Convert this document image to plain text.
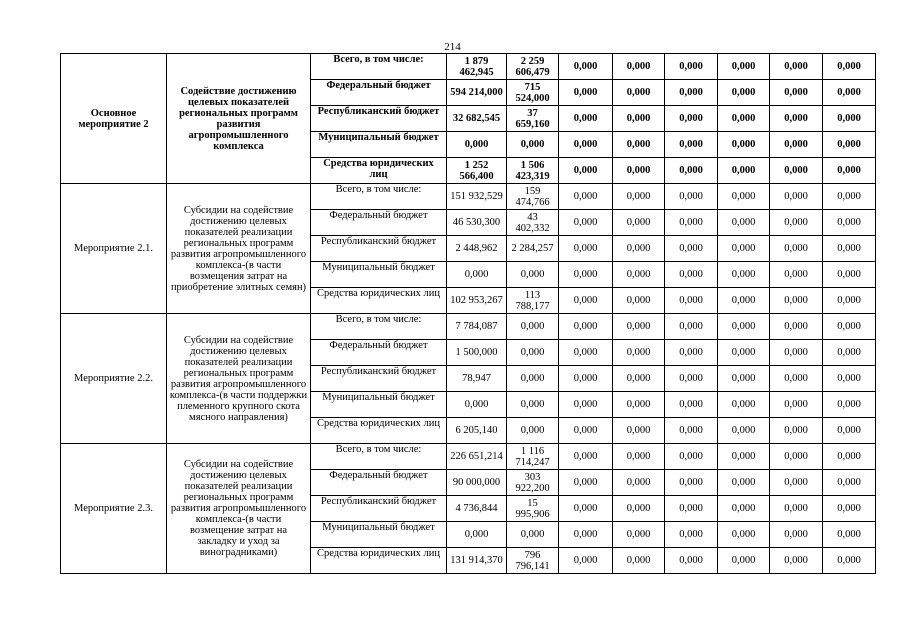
214
Основное мероприятие 2	Содействие достижению целевых показателей региональных программ развития агропромышленного комплекса	Всего, в том числе:	1 879 462,945	2 259 606,479	0,000	0,000	0,000	0,000	0,000	0,000
		Федеральный бюджет	594 214,000	715 524,000	0,000	0,000	0,000	0,000	0,000	0,000
		Республиканский бюджет	32 682,545	37 659,160	0,000	0,000	0,000	0,000	0,000	0,000
		Муниципальный бюджет	0,000	0,000	0,000	0,000	0,000	0,000	0,000	0,000
		Средства юридических лиц	1 252 566,400	1 506 423,319	0,000	0,000	0,000	0,000	0,000	0,000
Мероприятие 2.1.	Субсидии на содействие достижению целевых показателей реализации региональных программ развития агропромышленного комплекса-(в части возмещения затрат на приобретение элитных семян)	Всего, в том числе:	151 932,529	159 474,766	0,000	0,000	0,000	0,000	0,000	0,000
		Федеральный бюджет	46 530,300	43 402,332	0,000	0,000	0,000	0,000	0,000	0,000
		Республиканский бюджет	2 448,962	2 284,257	0,000	0,000	0,000	0,000	0,000	0,000
		Муниципальный бюджет	0,000	0,000	0,000	0,000	0,000	0,000	0,000	0,000
		Средства юридических лиц	102 953,267	113 788,177	0,000	0,000	0,000	0,000	0,000	0,000
Мероприятие 2.2.	Субсидии на содействие достижению целевых показателей реализации региональных программ развития агропромышленного комплекса-(в части поддержки племенного крупного скота мясного направления)	Всего, в том числе:	7 784,087	0,000	0,000	0,000	0,000	0,000	0,000	0,000
		Федеральный бюджет	1 500,000	0,000	0,000	0,000	0,000	0,000	0,000	0,000
		Республиканский бюджет	78,947	0,000	0,000	0,000	0,000	0,000	0,000	0,000
		Муниципальный бюджет	0,000	0,000	0,000	0,000	0,000	0,000	0,000	0,000
		Средства юридических лиц	6 205,140	0,000	0,000	0,000	0,000	0,000	0,000	0,000
Мероприятие 2.3.	Субсидии на содействие достижению целевых показателей реализации региональных программ развития агропромышленного комплекса-(в части возмещение затрат на закладку и уход за виноградниками)	Всего, в том числе:	226 651,214	1 116 714,247	0,000	0,000	0,000	0,000	0,000	0,000
		Федеральный бюджет	90 000,000	303 922,200	0,000	0,000	0,000	0,000	0,000	0,000
		Республиканский бюджет	4 736,844	15 995,906	0,000	0,000	0,000	0,000	0,000	0,000
		Муниципальный бюджет	0,000	0,000	0,000	0,000	0,000	0,000	0,000	0,000
		Средства юридических лиц	131 914,370	796 796,141	0,000	0,000	0,000	0,000	0,000	0,000
